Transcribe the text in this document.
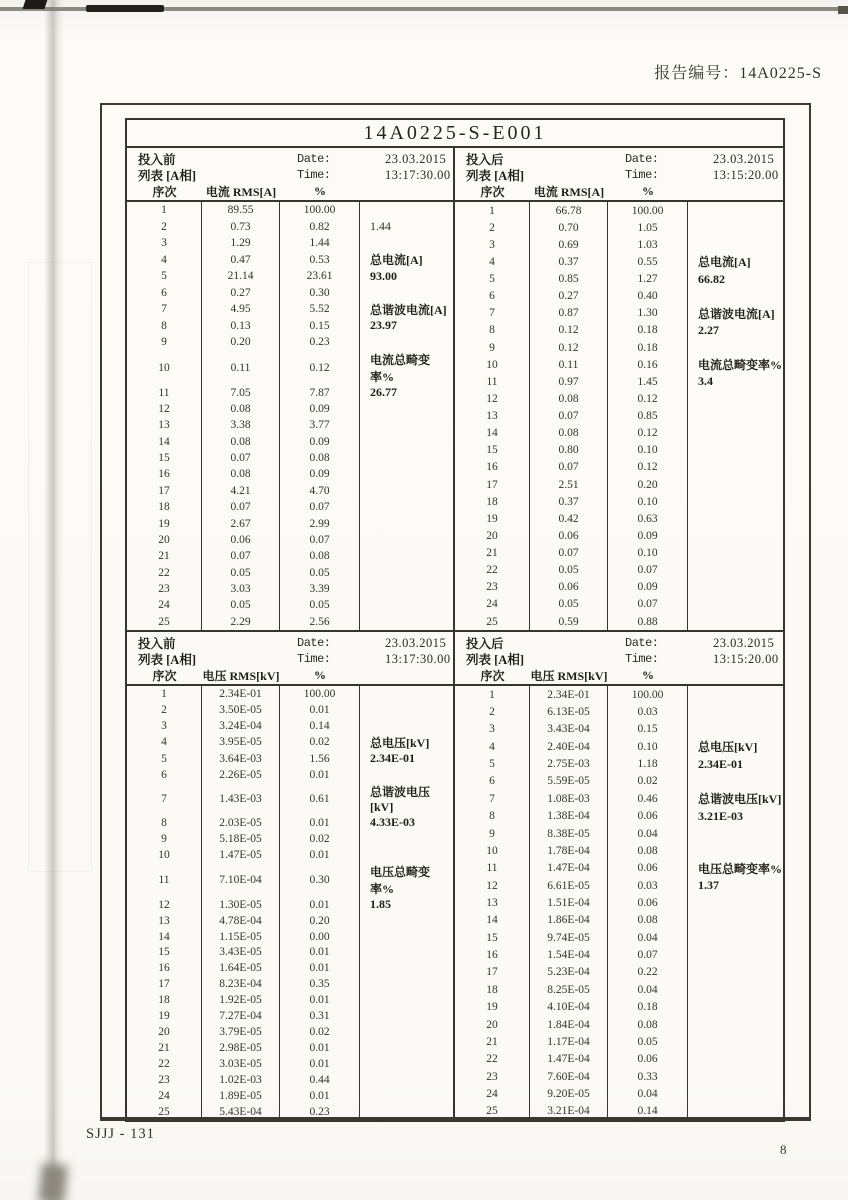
报告编号：14A0225-S
14A0225-S-E001
投入前	Date:	23.03.2015
列表 [A相]	Time:	13:17:30.00
序次	电流 RMS[A]	%
投入后	Date:	23.03.2015
列表 [A相]	Time:	13:15:20.00
序次	电流 RMS[A]	%
1	89.55	100.00
2	0.73	0.82	1.44
3	1.29	1.44
4	0.47	0.53	总电流[A]
5	21.14	23.61	93.00
6	0.27	0.30
7	4.95	5.52	总谐波电流[A]
8	0.13	0.15	23.97
9	0.20	0.23
10	0.11	0.12
电流总畸变率%
11	7.05	7.87	26.77
12	0.08	0.09
13	3.38	3.77
14	0.08	0.09
15	0.07	0.08
16	0.08	0.09
17	4.21	4.70
18	0.07	0.07
19	2.67	2.99
20	0.06	0.07
21	0.07	0.08
22	0.05	0.05
23	3.03	3.39
24	0.05	0.05
25	2.29	2.56
1	66.78	100.00
2	0.70	1.05
3	0.69	1.03
4	0.37	0.55	总电流[A]
5	0.85	1.27	66.82
6	0.27	0.40
7	0.87	1.30	总谐波电流[A]
8	0.12	0.18	2.27
9	0.12	0.18
10	0.11	0.16	电流总畸变率%
11	0.97	1.45	3.4
12	0.08	0.12
13	0.07	0.85
14	0.08	0.12
15	0.80	0.10
16	0.07	0.12
17	2.51	0.20
18	0.37	0.10
19	0.42	0.63
20	0.06	0.09
21	0.07	0.10
22	0.05	0.07
23	0.06	0.09
24	0.05	0.07
25	0.59	0.88
投入前	Date:	23.03.2015
列表 [A相]	Time:	13:17:30.00
序次	电压 RMS[kV]	%
投入后	Date:	23.03.2015
列表 [A相]	Time:	13:15:20.00
序次	电压 RMS[kV]	%
1	2.34E-01	100.00
2	3.50E-05	0.01
3	3.24E-04	0.14
4	3.95E-05	0.02	总电压[kV]
5	3.64E-03	1.56	2.34E-01
6	2.26E-05	0.01
7	1.43E-03	0.61	总谐波电压[kV]
8	2.03E-05	0.01	4.33E-03
9	5.18E-05	0.02
10	1.47E-05	0.01
11	7.10E-04	0.30
电压总畸变率%
12	1.30E-05	0.01	1.85
13	4.78E-04	0.20
14	1.15E-05	0.00
15	3.43E-05	0.01
16	1.64E-05	0.01
17	8.23E-04	0.35
18	1.92E-05	0.01
19	7.27E-04	0.31
20	3.79E-05	0.02
21	2.98E-05	0.01
22	3.03E-05	0.01
23	1.02E-03	0.44
24	1.89E-05	0.01
25	5.43E-04	0.23
1	2.34E-01	100.00
2	6.13E-05	0.03
3	3.43E-04	0.15
4	2.40E-04	0.10	总电压[kV]
5	2.75E-03	1.18	2.34E-01
6	5.59E-05	0.02
7	1.08E-03	0.46	总谐波电压[kV]
8	1.38E-04	0.06	3.21E-03
9	8.38E-05	0.04
10	1.78E-04	0.08
11	1.47E-04	0.06	电压总畸变率%
12	6.61E-05	0.03	1.37
13	1.51E-04	0.06
14	1.86E-04	0.08
15	9.74E-05	0.04
16	1.54E-04	0.07
17	5.23E-04	0.22
18	8.25E-05	0.04
19	4.10E-04	0.18
20	1.84E-04	0.08
21	1.17E-04	0.05
22	1.47E-04	0.06
23	7.60E-04	0.33
24	9.20E-05	0.04
25	3.21E-04	0.14
SJJJ - 131
8
